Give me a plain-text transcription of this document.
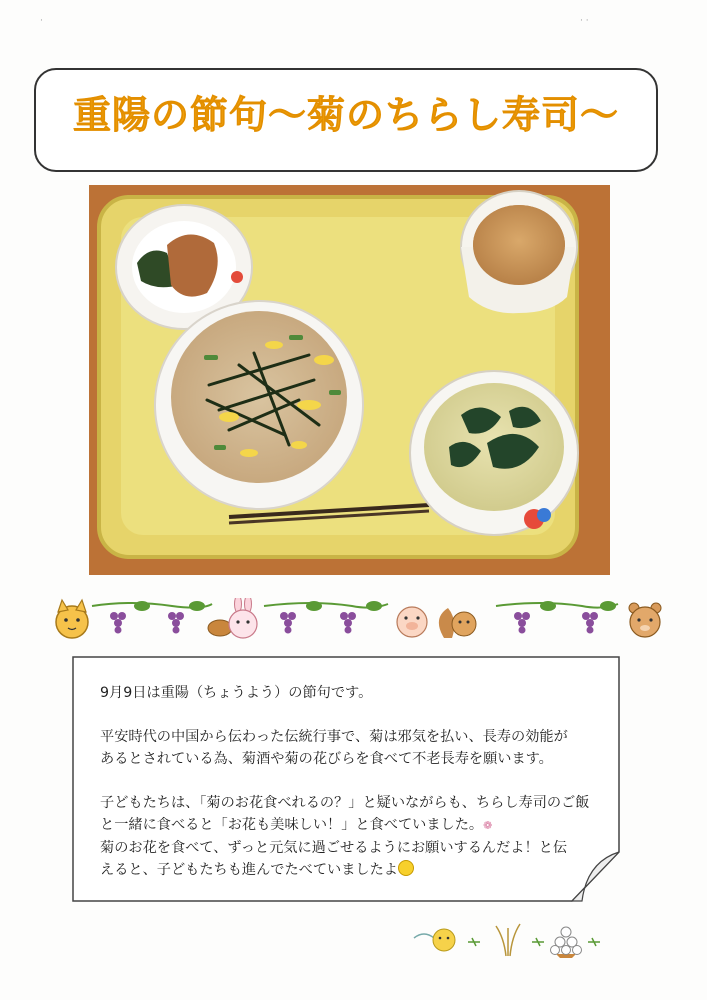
·	· ·
重陽の節句～菊のちらし寿司～

9月9日は重陽（ちょうよう）の節句です。

平安時代の中国から伝わった伝統行事で、菊は邪気を払い、長寿の効能が

あるとされている為、菊酒や菊の花びらを食べて不老長寿を願います。

子どもたちは、「菊のお花食べれるの？」と疑いながらも、ちらし寿司のご飯

と一緒に食べると「お花も美味しい！」と食べていました。❁

菊のお花を食べて、ずっと元気に過ごせるようにお願いするんだよ！と伝

えると、子どもたちも進んでたべていましたよ
